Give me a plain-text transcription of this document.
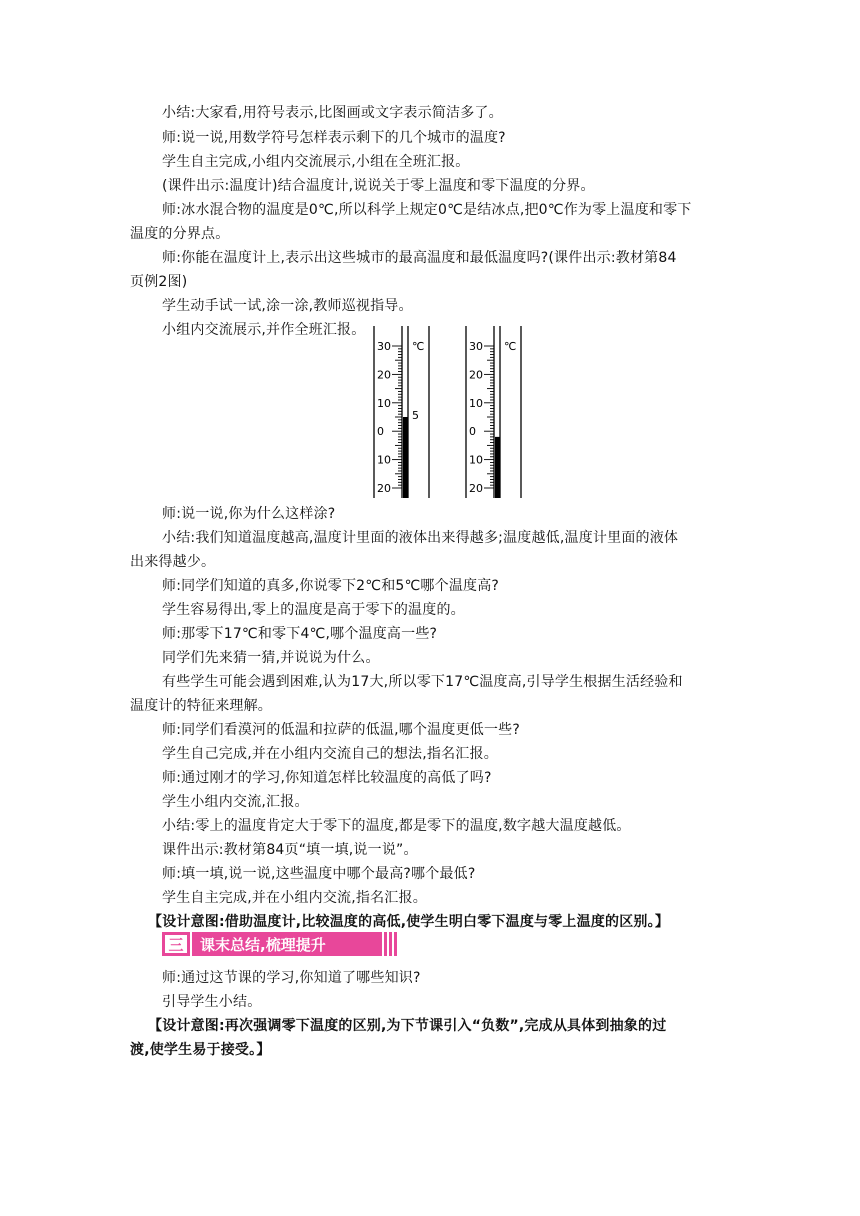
小结:大家看,用符号表示,比图画或文字表示简洁多了。
师:说一说,用数学符号怎样表示剩下的几个城市的温度?
学生自主完成,小组内交流展示,小组在全班汇报。
(课件出示:温度计)结合温度计,说说关于零上温度和零下温度的分界。
师:冰水混合物的温度是0℃,所以科学上规定0℃是结冰点,把0℃作为零上温度和零下
温度的分界点。
师:你能在温度计上,表示出这些城市的最高温度和最低温度吗?(课件出示:教材第84
页例2图)
学生动手试一试,涂一涂,教师巡视指导。
小组内交流展示,并作全班汇报。
30
20
10
0
10
20
℃
5
30
20
10
0
10
20
℃
师:说一说,你为什么这样涂?
小结:我们知道温度越高,温度计里面的液体出来得越多;温度越低,温度计里面的液体
出来得越少。
师:同学们知道的真多,你说零下2℃和5℃哪个温度高?
学生容易得出,零上的温度是高于零下的温度的。
师:那零下17℃和零下4℃,哪个温度高一些?
同学们先来猜一猜,并说说为什么。
有些学生可能会遇到困难,认为17大,所以零下17℃温度高,引导学生根据生活经验和
温度计的特征来理解。
师:同学们看漠河的低温和拉萨的低温,哪个温度更低一些?
学生自己完成,并在小组内交流自己的想法,指名汇报。
师:通过刚才的学习,你知道怎样比较温度的高低了吗?
学生小组内交流,汇报。
小结:零上的温度肯定大于零下的温度,都是零下的温度,数字越大温度越低。
课件出示:教材第84页“填一填,说一说”。
师:填一填,说一说,这些温度中哪个最高?哪个最低?
学生自主完成,并在小组内交流,指名汇报。
【设计意图:借助温度计,比较温度的高低,使学生明白零下温度与零上温度的区别。】
三 课末总结,梳理提升
师:通过这节课的学习,你知道了哪些知识?
引导学生小结。
【设计意图:再次强调零下温度的区别,为下节课引入“负数”,完成从具体到抽象的过
渡,使学生易于接受。】
